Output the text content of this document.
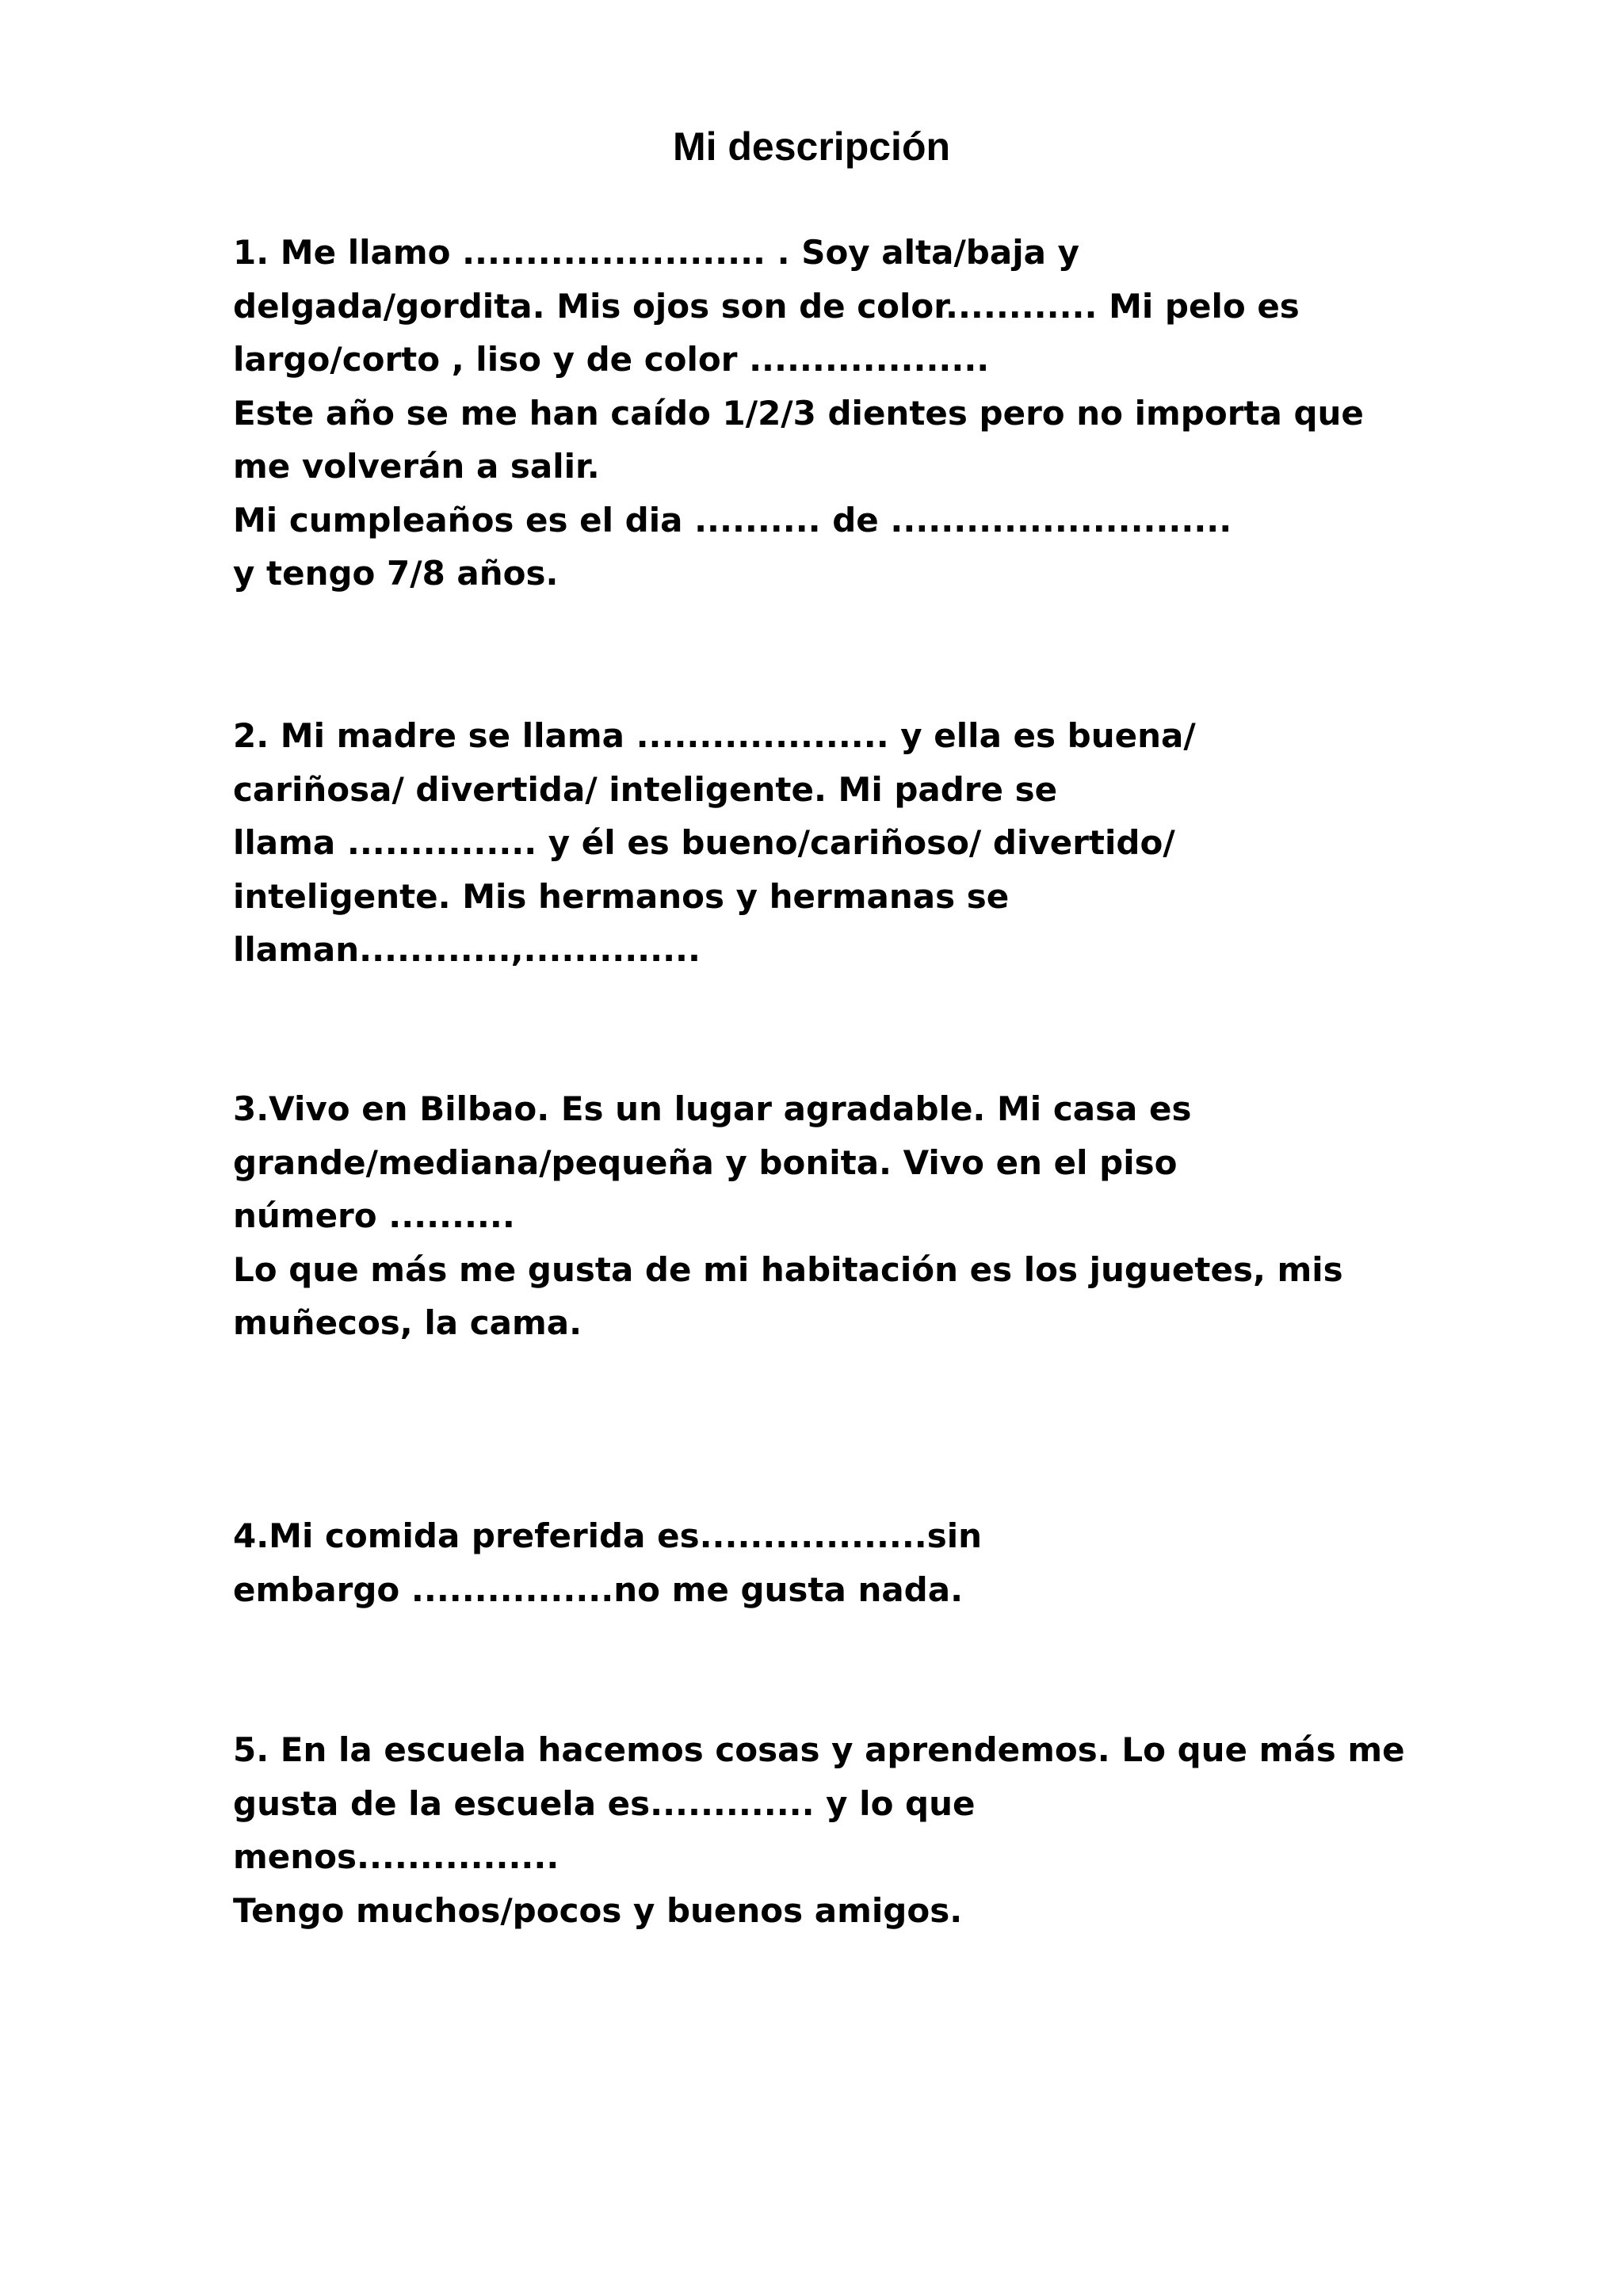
Mi descripción
1. Me llamo ........................ . Soy alta/baja y
delgada/gordita. Mis ojos son de color............ Mi pelo es
largo/corto , liso y de color ...................
Este año se me han caído 1/2/3 dientes pero no importa que
me volverán a salir.
Mi cumpleaños es el dia .......... de ...........................
y tengo 7/8 años.
2. Mi madre se llama .................... y ella es buena/
cariñosa/ divertida/ inteligente. Mi padre se
llama ............... y él es bueno/cariñoso/ divertido/
inteligente. Mis hermanos y hermanas se
llaman............,..............
3.Vivo en Bilbao. Es un lugar agradable. Mi casa es
grande/mediana/pequeña y bonita. Vivo en el piso
número ..........
Lo que más me gusta de mi habitación es los juguetes, mis
muñecos, la cama.
4.Mi comida preferida es..................sin
embargo ................no me gusta nada.
5. En la escuela hacemos cosas y aprendemos. Lo que más me
gusta de la escuela es............. y lo que
menos................
Tengo muchos/pocos y buenos amigos.
